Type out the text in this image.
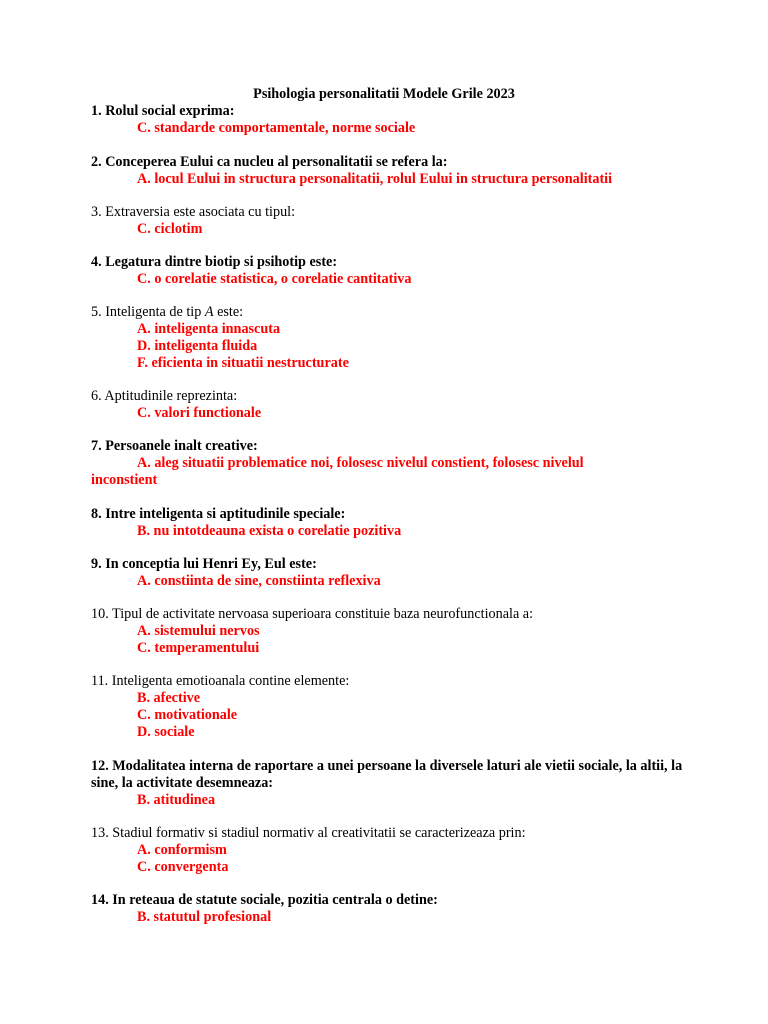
Psihologia personalitatii Modele Grile 2023
1. Rolul social exprima:
C. standarde comportamentale, norme sociale
2. Conceperea Eului ca nucleu al personalitatii se refera la:
A. locul Eului in structura personalitatii, rolul Eului in structura personalitatii
3. Extraversia este asociata cu tipul:
C. ciclotim
4. Legatura dintre biotip si psihotip este:
C. o corelatie statistica, o corelatie cantitativa
5. Inteligenta de tip A este:
A. inteligenta innascuta
D. inteligenta fluida
F. eficienta in situatii nestructurate
6. Aptitudinile reprezinta:
C. valori functionale
7. Persoanele inalt creative:
A. aleg situatii problematice noi, folosesc nivelul constient, folosesc nivelul inconstient
8. Intre inteligenta si aptitudinile speciale:
B. nu intotdeauna exista o corelatie pozitiva
9. In conceptia lui Henri Ey, Eul este:
A. constiinta de sine, constiinta reflexiva
10. Tipul de activitate nervoasa superioara constituie baza neurofunctionala a:
A. sistemului nervos
C. temperamentului
11. Inteligenta emotioanala contine elemente:
B. afective
C. motivationale
D. sociale
12. Modalitatea interna de raportare a unei persoane la diversele laturi ale vietii sociale, la altii, la sine, la activitate desemneaza:
B. atitudinea
13. Stadiul formativ si stadiul normativ al creativitatii se caracterizeaza prin:
A. conformism
C. convergenta
14. In reteaua de statute sociale, pozitia centrala o detine:
B. statutul profesional
